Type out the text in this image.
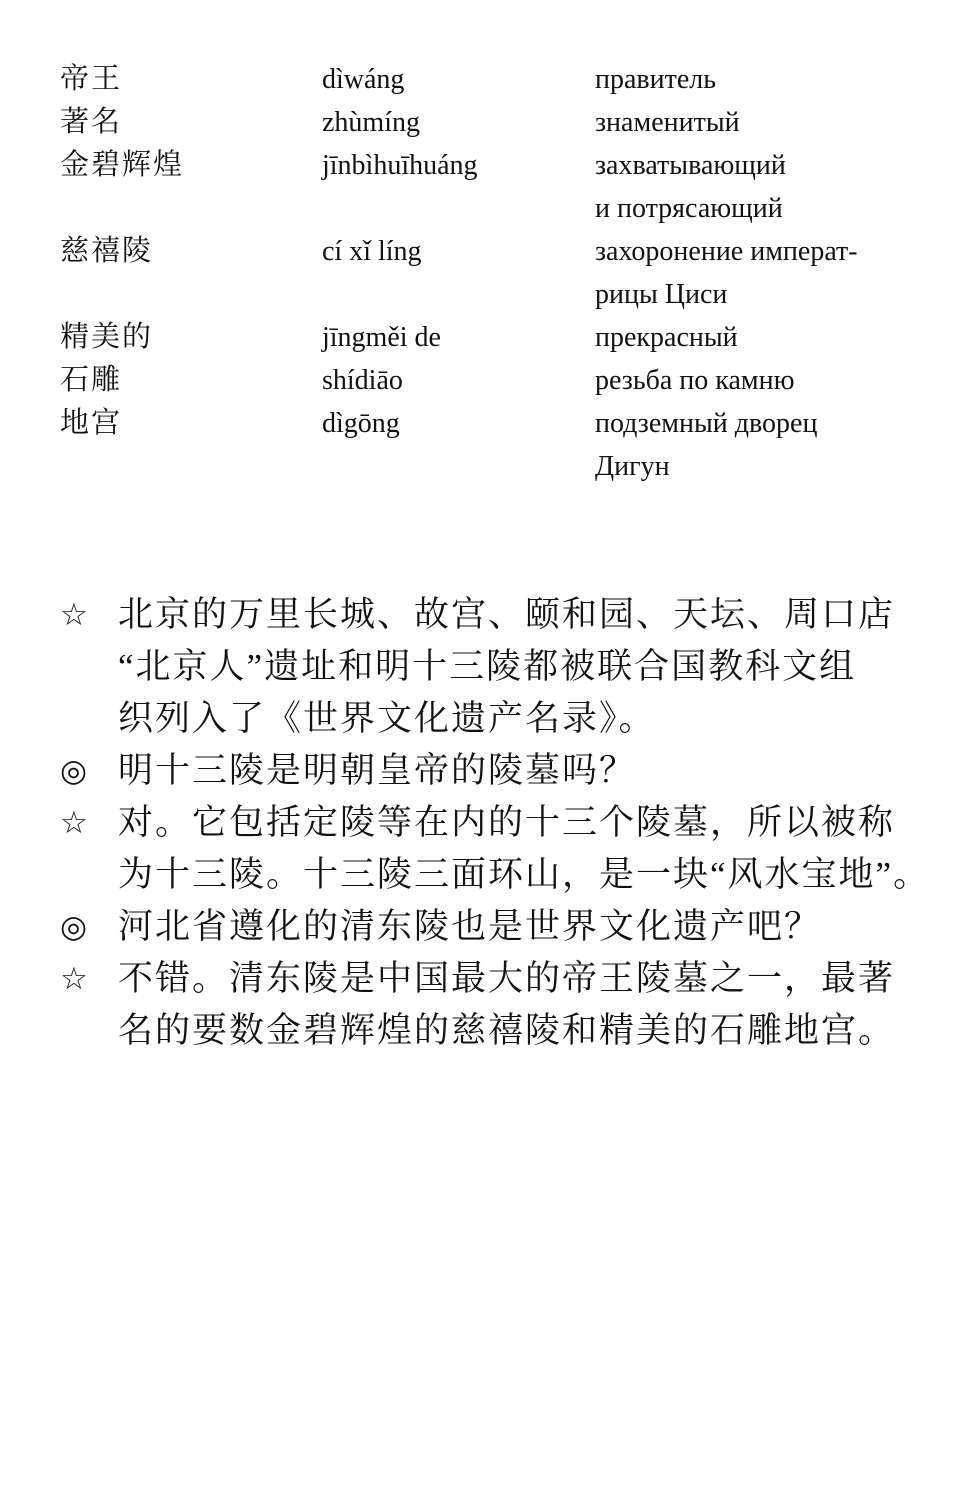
帝王	dìwáng	правитель
著名	zhùmíng	знаменитый
金碧辉煌	jīnbìhuīhuáng	захватывающий
и потрясающий
慈禧陵	cí xǐ líng	захоронение императ-
рицы Циси
精美的	jīngměi de	прекрасный
石雕	shídiāo	резьба по камню
地宫	dìgōng	подземный дворец
Дигун
☆ 北京的万里长城、故宫、颐和园、天坛、周口店
“北京人”遗址和明十三陵都被联合国教科文组
织列入了《世界文化遗产名录》。
◎ 明十三陵是明朝皇帝的陵墓吗？
☆ 对。它包括定陵等在内的十三个陵墓，所以被称
为十三陵。十三陵三面环山，是一块“风水宝地”。
◎ 河北省遵化的清东陵也是世界文化遗产吧？
☆ 不错。清东陵是中国最大的帝王陵墓之一，最著
名的要数金碧辉煌的慈禧陵和精美的石雕地宫。
